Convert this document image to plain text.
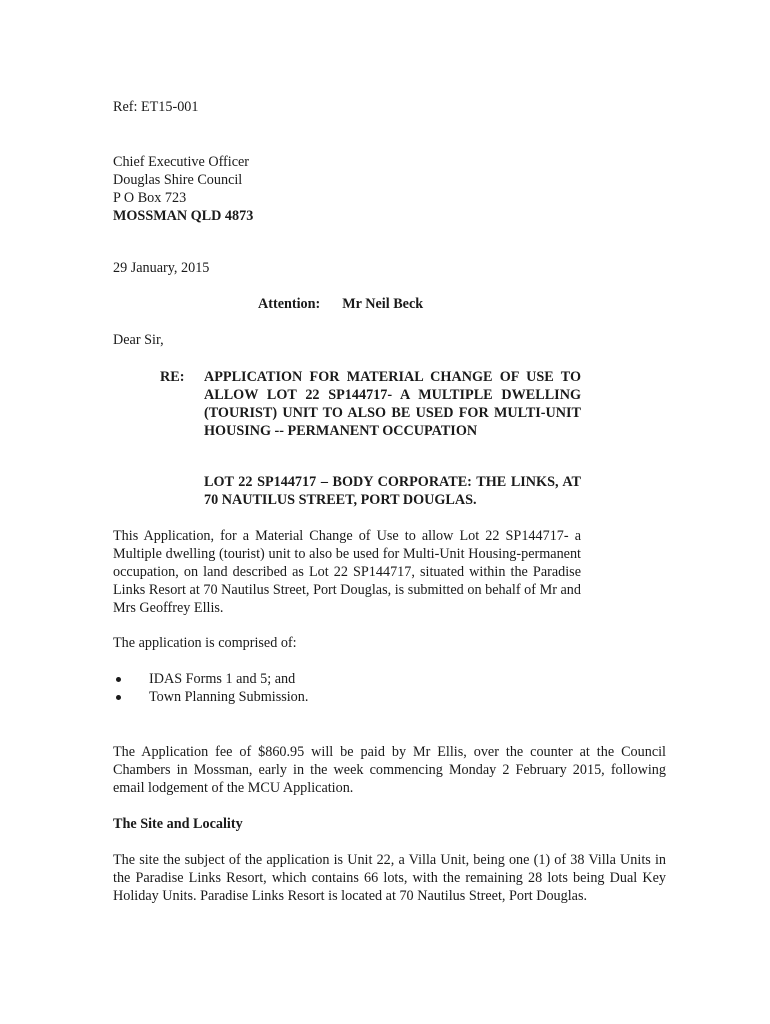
Ref: ET15-001
Chief Executive Officer
Douglas Shire Council
P O Box 723
MOSSMAN QLD 4873
29 January, 2015
Attention: Mr Neil Beck
Dear Sir,
RE: APPLICATION FOR MATERIAL CHANGE OF USE TO ALLOW LOT 22 SP144717- A MULTIPLE DWELLING (TOURIST) UNIT TO ALSO BE USED FOR MULTI-UNIT HOUSING -- PERMANENT OCCUPATION
LOT 22 SP144717 – BODY CORPORATE: THE LINKS, AT 70 NAUTILUS STREET, PORT DOUGLAS.
This Application, for a Material Change of Use to allow Lot 22 SP144717- a Multiple dwelling (tourist) unit to also be used for Multi-Unit Housing-permanent occupation, on land described as Lot 22 SP144717, situated within the Paradise Links Resort at 70 Nautilus Street, Port Douglas, is submitted on behalf of Mr and Mrs Geoffrey Ellis.
The application is comprised of:
IDAS Forms 1 and 5; and
Town Planning Submission.
The Application fee of $860.95 will be paid by Mr Ellis, over the counter at the Council Chambers in Mossman, early in the week commencing Monday 2 February 2015, following email lodgement of the MCU Application.
The Site and Locality
The site the subject of the application is Unit 22, a Villa Unit, being one (1) of 38 Villa Units in the Paradise Links Resort, which contains 66 lots, with the remaining 28 lots being Dual Key Holiday Units. Paradise Links Resort is located at 70 Nautilus Street, Port Douglas.
